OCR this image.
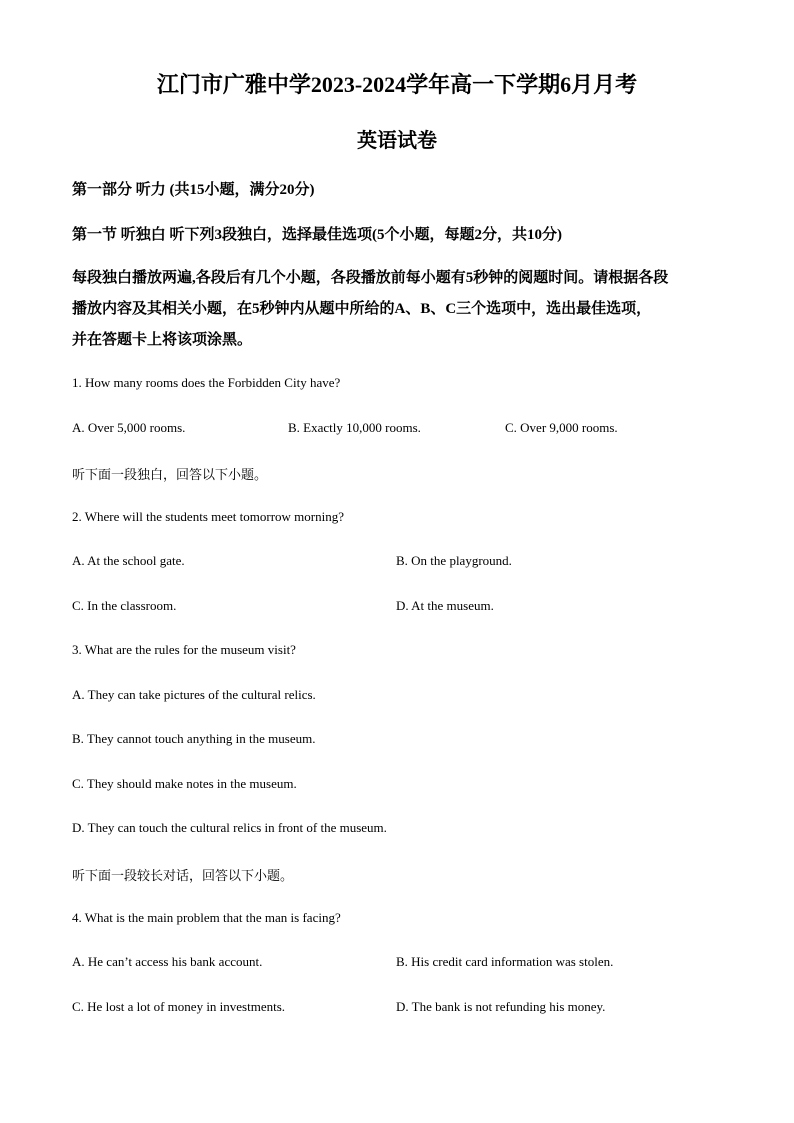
江门市广雅中学2023-2024学年高一下学期6月月考
英语试卷
第一部分 听力 (共15小题，满分20分)
第一节 听独白 听下列3段独白，选择最佳选项(5个小题，每题2分，共10分)
每段独白播放两遍,各段后有几个小题，各段播放前每小题有5秒钟的阅题时间。请根据各段
播放内容及其相关小题，在5秒钟内从题中所给的A、B、C三个选项中，选出最佳选项，
并在答题卡上将该项涂黑。
1. How many rooms does the Forbidden City have?
A. Over 5,000 rooms.	B. Exactly 10,000 rooms.	C. Over 9,000 rooms.
听下面一段独白，回答以下小题。
2. Where will the students meet tomorrow morning?
A. At the school gate.	B. On the playground.
C. In the classroom.	D. At the museum.
3. What are the rules for the museum visit?
A. They can take pictures of the cultural relics.
B. They cannot touch anything in the museum.
C. They should make notes in the museum.
D. They can touch the cultural relics in front of the museum.
听下面一段较长对话，回答以下小题。
4. What is the main problem that the man is facing?
A. He can’t access his bank account.	B. His credit card information was stolen.
C. He lost a lot of money in investments.	D. The bank is not refunding his money.
